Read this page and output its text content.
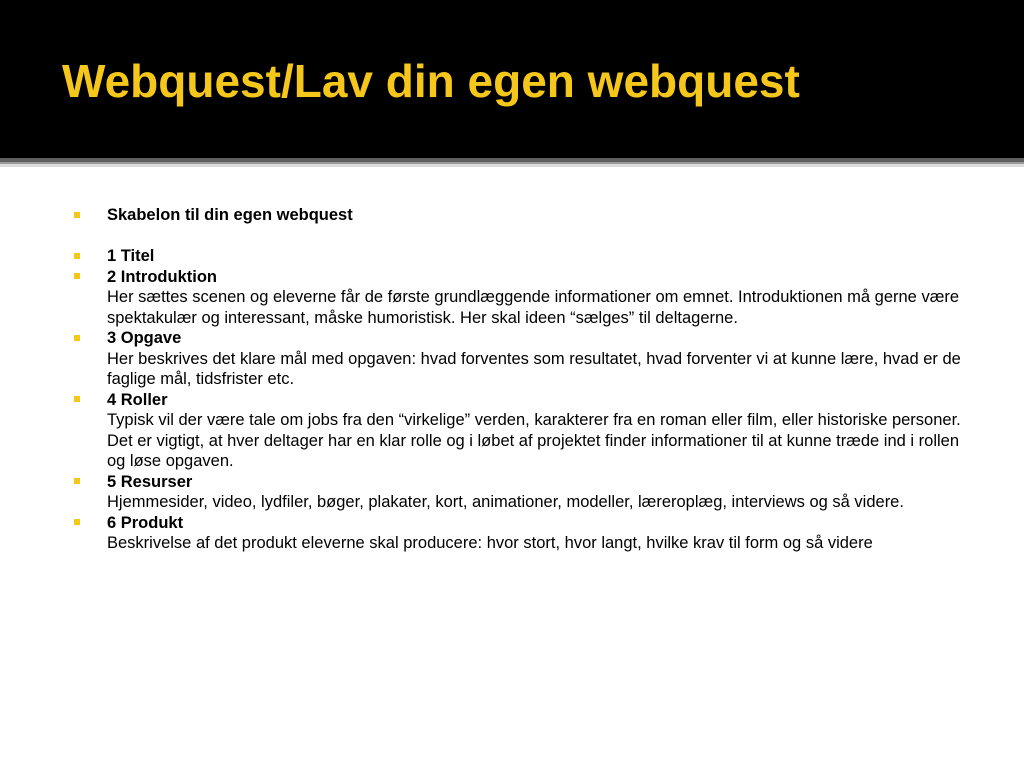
Webquest/Lav din egen webquest
Skabelon til din egen webquest
1 Titel
2 Introduktion
Her sættes scenen og eleverne får de første grundlæggende informationer om emnet. Introduktionen må gerne være spektakulær og interessant, måske humoristisk. Her skal ideen “sælges” til deltagerne.
3 Opgave
Her beskrives det klare mål med opgaven: hvad forventes som resultatet, hvad forventer vi at kunne lære, hvad er de faglige mål, tidsfrister etc.
4 Roller
Typisk vil der være tale om jobs fra den “virkelige” verden, karakterer fra en roman eller film, eller historiske personer. Det er vigtigt, at hver deltager har en klar rolle og i løbet af projektet finder informationer til at kunne træde ind i rollen og løse opgaven.
5 Resurser
Hjemmesider, video, lydfiler, bøger, plakater, kort, animationer, modeller, læreroplæg, interviews og så videre.
6 Produkt
Beskrivelse af det produkt eleverne skal producere: hvor stort, hvor langt, hvilke krav til form og så videre
